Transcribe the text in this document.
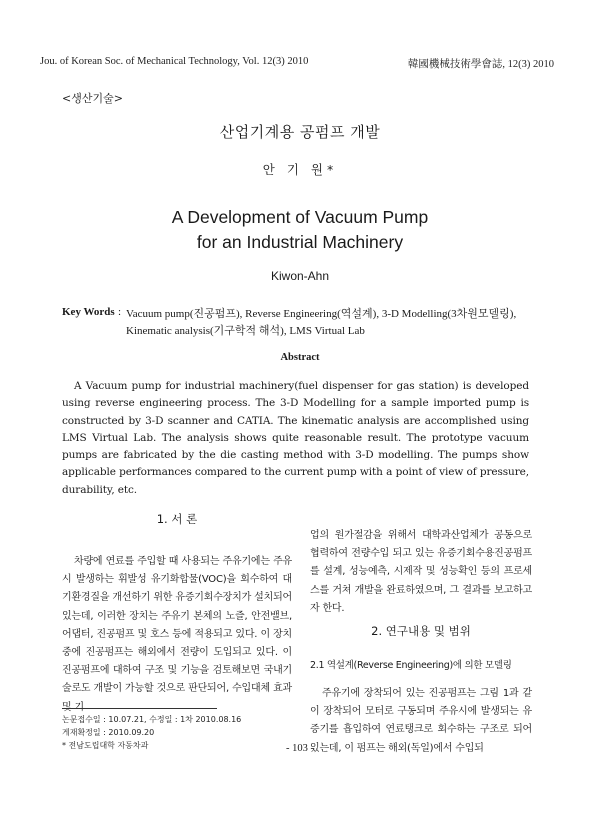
Jou. of Korean Soc. of Mechanical Technology, Vol. 12(3) 2010	韓國機械技術學會誌, 12(3) 2010
<생산기술>
산업기계용 공펌프 개발
안 기 원*
A Development of Vacuum Pump
for an Industrial Machinery
Kiwon-Ahn
Key Words : Vacuum pump(진공펌프), Reverse Engineering(역설계), 3-D Modelling(3차원모델링),
Kinematic analysis(기구학적 해석), LMS Virtual Lab
Abstract
A Vacuum pump for industrial machinery(fuel dispenser for gas station) is developed using reverse engineering process. The 3-D Modelling for a sample imported pump is constructed by 3-D scanner and CATIA. The kinematic analysis are accomplished using LMS Virtual Lab. The analysis shows quite reasonable result. The prototype vacuum pumps are fabricated by the die casting method with 3-D modelling. The pumps show applicable performances compared to the current pump with a point of view of pressure, durability, etc.
1. 서 론
차량에 연료를 주입할 때 사용되는 주유기에는 주유시 발생하는 휘발성 유기화합물(VOC)을 회수하여 대기환경질을 개선하기 위한 유증기회수장치가 설치되어 있는데, 이러한 장치는 주유기 본체의 노즐, 안전밸브, 어댑터, 진공펌프 및 호스 등에 적용되고 있다. 이 장치중에 진공펌프는 해외에서 전량이 도입되고 있다. 이 진공펌프에 대하여 구조 및 기능을 검토해보면 국내기술로도 개발이 가능할 것으로 판단되어, 수입대체 효과 및 기
논문접수일 : 10.07.21, 수정일 : 1차 2010.08.16
게재확정일 : 2010.09.20
* 전남도립대학 자동차과
업의 원가절감을 위해서 대학과산업체가 공동으로 협력하여 전량수입 되고 있는 유증기회수용진공펌프를 설계, 성능예측, 시제작 및 성능확인 등의 프로세스를 거쳐 개발을 완료하였으며, 그 결과를 보고하고자 한다.
2. 연구내용 및 범위
2.1 역설계(Reverse Engineering)에 의한 모델링
주유기에 장착되어 있는 진공펌프는 그림 1과 같이 장착되어 모터로 구동되며 주유시에 발생되는 유증기를 흡입하여 연료탱크로 회수하는 구조로 되어 있는데, 이 펌프는 해외(독일)에서 수입되
- 103 -
